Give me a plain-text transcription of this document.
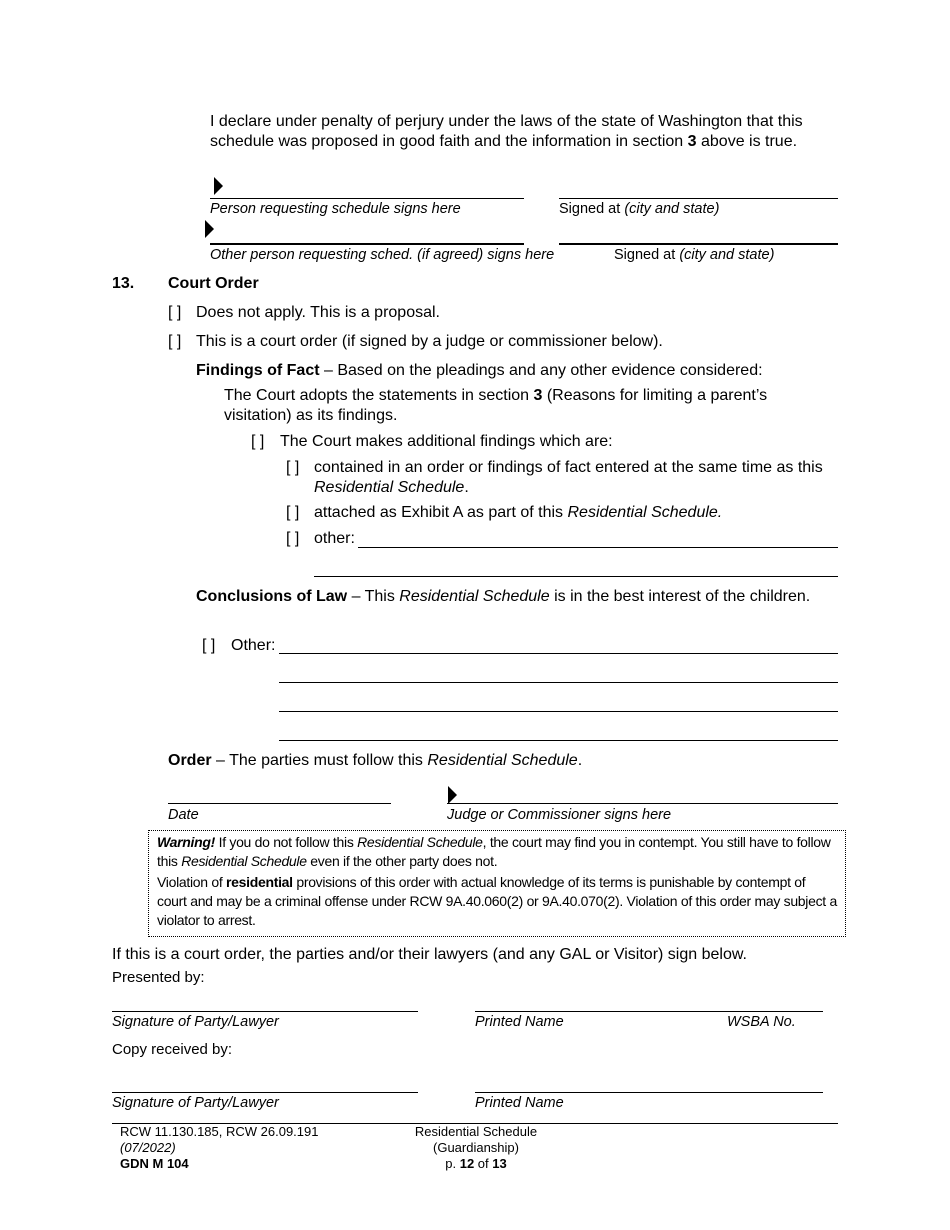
I declare under penalty of perjury under the laws of the state of Washington that this schedule was proposed in good faith and the information in section 3 above is true.
Person requesting schedule signs here	Signed at (city and state)
Other person requesting sched. (if agreed) signs here	Signed at (city and state)
13. Court Order
[ ] Does not apply. This is a proposal.
[ ] This is a court order (if signed by a judge or commissioner below).
Findings of Fact – Based on the pleadings and any other evidence considered:
The Court adopts the statements in section 3 (Reasons for limiting a parent’s visitation) as its findings.
[ ] The Court makes additional findings which are:
[ ] contained in an order or findings of fact entered at the same time as this Residential Schedule.
[ ] attached as Exhibit A as part of this Residential Schedule.
[ ] other:
Conclusions of Law – This Residential Schedule is in the best interest of the children.
[ ] Other:
Order – The parties must follow this Residential Schedule.
Date	Judge or Commissioner signs here

Warning! If you do not follow this Residential Schedule, the court may find you in contempt. You still have to follow this Residential Schedule even if the other party does not.

Violation of residential provisions of this order with actual knowledge of its terms is punishable by contempt of court and may be a criminal offense under RCW 9A.40.060(2) or 9A.40.070(2). Violation of this order may subject a violator to arrest.

If this is a court order, the parties and/or their lawyers (and any GAL or Visitor) sign below.
Presented by:
Signature of Party/Lawyer	Printed Name	WSBA No.
Copy received by:
Signature of Party/Lawyer	Printed Name
RCW 11.130.185, RCW 26.09.191
(07/2022)
GDN M 104
Residential Schedule
(Guardianship)
p. 12 of 13
